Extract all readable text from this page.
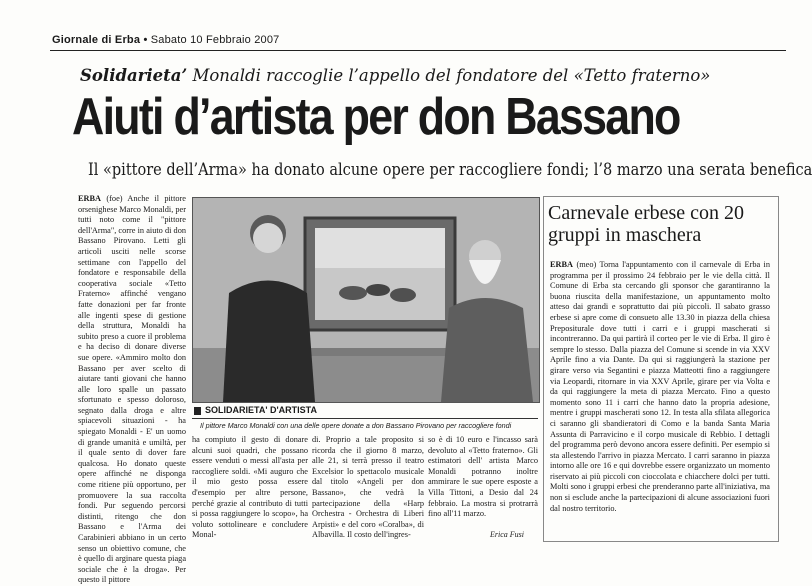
Giornale di Erba • Sabato 10 Febbraio 2007
Solidarieta’ Monaldi raccoglie l’appello del fondatore del «Tetto fraterno»
Aiuti d’artista per don Bassano
Il «pittore dell’Arma» ha donato alcune opere per raccogliere fondi; l’8 marzo una serata benefica
ERBA (foe) Anche il pittore orsenighese Marco Monaldi, per tutti noto come il "pittore dell'Arma", corre in aiuto di don Bassano Pirovano. Letti gli articoli usciti nelle scorse settimane con l'appello del fondatore e responsabile della cooperativa sociale «Tetto Fraterno» affinché vengano fatte donazioni per far fronte alle ingenti spese di gestione della struttura, Monaldi ha subito preso a cuore il problema e ha deciso di donare diverse sue opere. «Ammiro molto don Bassano per aver scelto di aiutare tanti giovani che hanno alle loro spalle un passato sfortunato e spesso doloroso, segnato dalla droga e altre spiacevoli situazioni - ha spiegato Monaldi - E' un uomo di grande umanità e umiltà, per il quale sento di dover fare qualcosa. Ho donato queste opere affinché ne disponga come ritiene più opportuno, per promuovere la sua raccolta fondi. Pur seguendo percorsi distinti, ritengo che don Bassano e l'Arma dei Carabinieri abbiano in un certo senso un obiettivo comune, che è quello di arginare questa piaga sociale che è la droga». Per questo il pittore
SOLIDARIETA' D'ARTISTA
Il pittore Marco Monaldi con una delle opere donate a don Bassano Pirovano per raccogliere fondi
ha compiuto il gesto di donare alcuni suoi quadri, che possano essere venduti o messi all'asta per raccogliere soldi. «Mi auguro che il mio gesto possa essere d'esempio per altre persone, perché grazie al contributo di tutti si possa raggiungere lo scopo», ha voluto sottolineare e concludere Monal-
di. Proprio a tale proposito si ricorda che il giorno 8 marzo, alle 21, si terrà presso il teatro Excelsior lo spettacolo musicale dal titolo «Angeli per don Bassano», che vedrà la partecipazione della «Harp Orchestra - Orchestra di Liberi Arpisti» e del coro «Coralba», di Albavilla. Il costo dell'ingres-
so è di 10 euro e l'incasso sarà devoluto al «Tetto fraterno». Gli estimatori dell' artista Marco Monaldi potranno inoltre ammirare le sue opere esposte a Villa Tittoni, a Desio dal 24 febbraio. La mostra si protrarrà fino all'11 marzo.
Erica Fusi
Carnevale erbese con 20 gruppi in maschera
ERBA (meo) Torna l'appuntamento con il carnevale di Erba in programma per il prossimo 24 febbraio per le vie della città. Il Comune di Erba sta cercando gli sponsor che garantiranno la buona riuscita della manifestazione, un appuntamento molto atteso dai grandi e soprattutto dai più piccoli. Il sabato grasso erbese si apre come di consueto alle 13.30 in piazza della chiesa Prepositurale dove tutti i carri e i gruppi mascherati si incontreranno. Da qui partirà il corteo per le vie di Erba. Il giro è sempre lo stesso. Dalla piazza del Comune si scende in via XXV Aprile fino a via Dante. Da qui si raggiungerà la stazione per girare verso via Segantini e piazza Matteotti fino a raggiungere via Leopardi, ritornare in via XXV Aprile, girare per via Volta e da qui raggiungere la meta di piazza Mercato. Fino a questo momento sono 11 i carri che hanno dato la propria adesione, mentre i gruppi mascherati sono 12. In testa alla sfilata allegorica ci saranno gli sbandieratori di Como e la banda Santa Maria Assunta di Parravicino e il corpo musicale di Rebbio. I dettagli del programma però devono ancora essere definiti. Per esempio si sta allestendo l'arrivo in piazza Mercato. I carri saranno in piazza intorno alle ore 16 e qui dovrebbe essere organizzato un momento riservato ai più piccoli con cioccolata e chiacchere dolci per tutti. Molti sono i gruppi erbesi che prenderanno parte all'iniziativa, ma non si esclude anche la partecipazioni di alcune associazioni fuori dal nostro territorio.
